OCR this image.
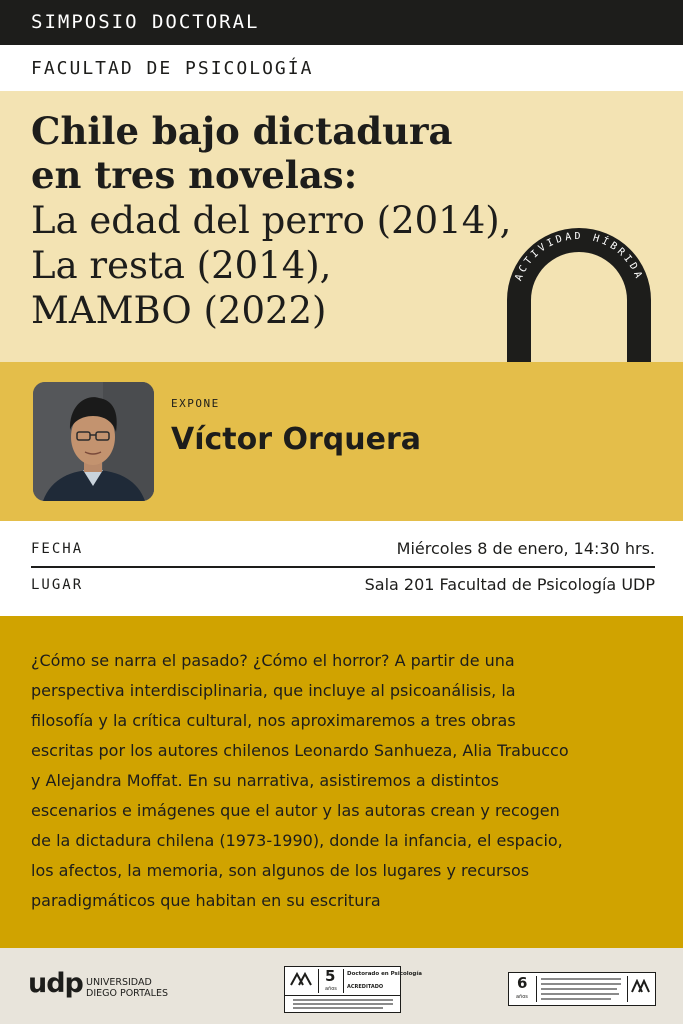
SIMPOSIO DOCTORAL
FACULTAD DE PSICOLOGÍA
Chile bajo dictadura
en tres novelas:
La edad del perro (2014),
La resta (2014),
MAMBO (2022)
EXPONE
Víctor Orquera
ACTIVIDAD HÍBRIDA
FECHA	Miércoles 8 de enero, 14:30 hrs.
LUGAR	Sala 201 Facultad de Psicología UDP
¿Cómo se narra el pasado? ¿Cómo el horror? A partir de una
perspectiva interdisciplinaria, que incluye al psicoanálisis, la
filosofía y la crítica cultural, nos aproximaremos a tres obras
escritas por los autores chilenos Leonardo Sanhueza, Alia Trabucco
y Alejandra Moffat. En su narrativa, asistiremos a distintos
escenarios e imágenes que el autor y las autoras crean y recogen
de la dictadura chilena (1973-1990), donde la infancia, el espacio,
los afectos, la memoria, son algunos de los lugares y recursos
paradigmáticos que habitan en su escritura
udp UNIVERSIDAD
DIEGO PORTALES
5
años
Doctorado en Psicología
ACREDITADO	6
años
